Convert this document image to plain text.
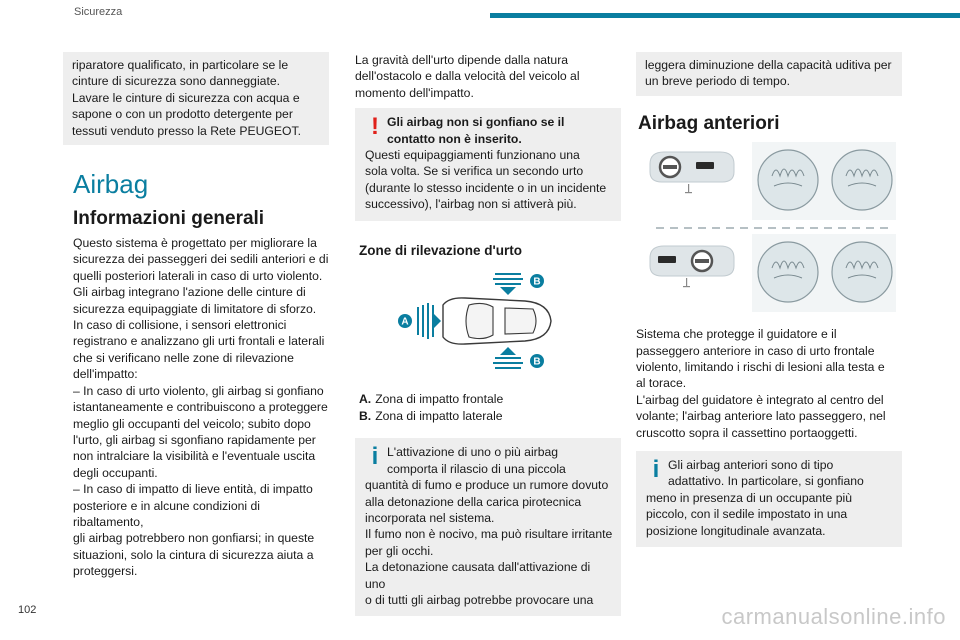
Sicurezza

riparatore qualificato, in particolare se le

cinture di sicurezza sono danneggiate.

Lavare le cinture di sicurezza con acqua e

sapone o con un prodotto detergente per

tessuti venduto presso la Rete PEUGEOT.

Airbag
Informazioni generali

Questo sistema è progettato per migliorare la

sicurezza dei passeggeri dei sedili anteriori e di

quelli posteriori laterali in caso di urto violento.

Gli airbag integrano l'azione delle cinture di

sicurezza equipaggiate di limitatore di sforzo.

In caso di collisione, i sensori elettronici

registrano e analizzano gli urti frontali e laterali

che si verificano nelle zone di rilevazione

dell'impatto:

– In caso di urto violento, gli airbag si gonfiano

istantaneamente e contribuiscono a proteggere

meglio gli occupanti del veicolo; subito dopo

l'urto, gli airbag si sgonfiano rapidamente per

non intralciare la visibilità e l'eventuale uscita

degli occupanti.

– In caso di impatto di lieve entità, di impatto

posteriore e in alcune condizioni di ribaltamento,

gli airbag potrebbero non gonfiarsi; in queste

situazioni, solo la cintura di sicurezza aiuta a

proteggersi.

La gravità dell'urto dipende dalla natura

dell'ostacolo e dalla velocità del veicolo al

momento dell'impatto.

! Gli airbag non si gonfiano se il

contatto non è inserito.

Questi equipaggiamenti funzionano una

sola volta. Se si verifica un secondo urto

(durante lo stesso incidente o in un incidente

successivo), l'airbag non si attiverà più.

Zone di rilevazione d'urto
A
B
B

A. Zona di impatto frontale

B. Zona di impatto laterale

i L'attivazione di uno o più airbag

comporta il rilascio di una piccola

quantità di fumo e produce un rumore dovuto

alla detonazione della carica pirotecnica

incorporata nel sistema.

Il fumo non è nocivo, ma può risultare irritante

per gli occhi.

La detonazione causata dall'attivazione di uno

o di tutti gli airbag potrebbe provocare una

leggera diminuzione della capacità uditiva per

un breve periodo di tempo.

Airbag anteriori

Sistema che protegge il guidatore e il

passeggero anteriore in caso di urto frontale

violento, limitando i rischi di lesioni alla testa e

al torace.

L'airbag del guidatore è integrato al centro del

volante; l'airbag anteriore lato passeggero, nel

cruscotto sopra il cassettino portaoggetti.

i Gli airbag anteriori sono di tipo

adattativo. In particolare, si gonfiano

meno in presenza di un occupante più

piccolo, con il sedile impostato in una

posizione longitudinale avanzata.

102	carmanualsonline.info
